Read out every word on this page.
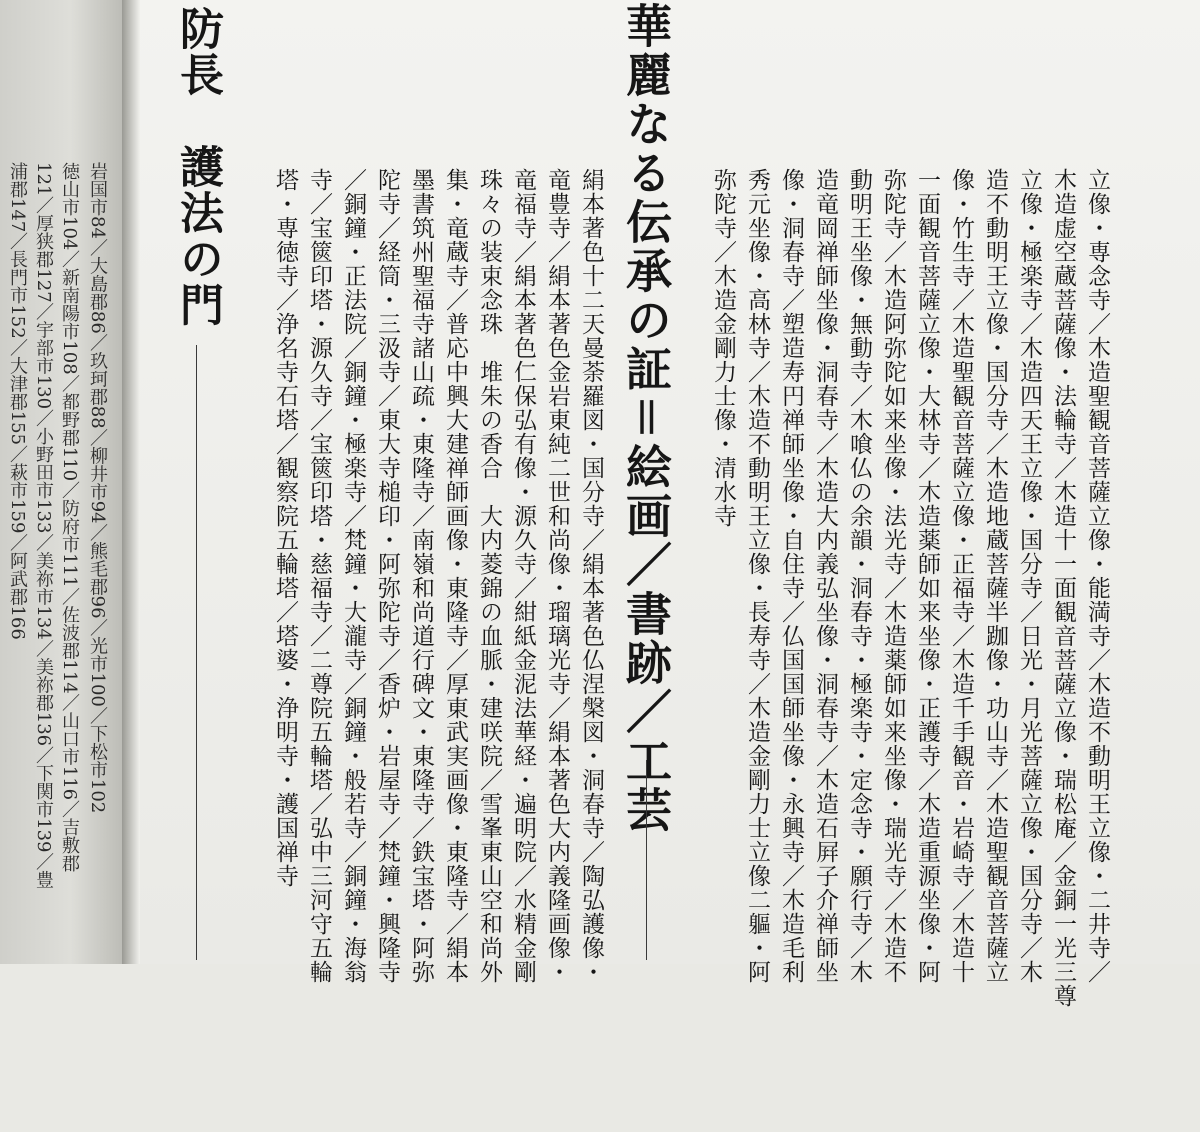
岩国市84／大島郡86／玖珂郡88／柳井市94／熊毛郡96／光市100／下松市102
徳山市104／新南陽市108／都野郡110／防府市111／佐波郡114／山口市116／吉敷郡
121／厚狭郡127／宇部市130／小野田市133／美祢市134／美祢郡136／下関市139／豊
浦郡147／長門市152／大津郡155／萩市159／阿武郡166	防長　護法の門
立像・専念寺／木造聖観音菩薩立像・能満寺／木造不動明王立像・二井寺／
木造虚空蔵菩薩像・法輪寺／木造十一面観音菩薩立像・瑞松庵／金銅一光三尊
立像・極楽寺／木造四天王立像・国分寺／日光・月光菩薩立像・国分寺／木
造不動明王立像・国分寺／木造地蔵菩薩半跏像・功山寺／木造聖観音菩薩立
像・竹生寺／木造聖観音菩薩立像・正福寺／木造千手観音・岩崎寺／木造十
一面観音菩薩立像・大林寺／木造薬師如来坐像・正護寺／木造重源坐像・阿
弥陀寺／木造阿弥陀如来坐像・法光寺／木造薬師如来坐像・瑞光寺／木造不
動明王坐像・無動寺／木喰仏の余韻・洞春寺・極楽寺・定念寺・願行寺／木
造竜岡禅師坐像・洞春寺／木造大内義弘坐像・洞春寺／木造石屛子介禅師坐
像・洞春寺／塑造寿円禅師坐像・自住寺／仏国国師坐像・永興寺／木造毛利
秀元坐像・高林寺／木造不動明王立像・長寿寺／木造金剛力士立像二軀・阿
弥陀寺／木造金剛力士像・清水寺
華麗なる伝承の証＝絵画／書跡／工芸
絹本著色十二天曼荼羅図・国分寺／絹本著色仏涅槃図・洞春寺／陶弘護像・
竜豊寺／絹本著色金岩東純二世和尚像・瑠璃光寺／絹本著色大内義隆画像・
竜福寺／絹本著色仁保弘有像・源久寺／紺紙金泥法華経・遍明院／水精金剛
珠々の装束念珠　堆朱の香合　大内菱錦の血脈・建咲院／雪峯東山空和尚外
集・竜蔵寺／普応中興大建禅師画像・東隆寺／厚東武実画像・東隆寺／絹本
墨書筑州聖福寺諸山疏・東隆寺／南嶺和尚道行碑文・東隆寺／鉄宝塔・阿弥
陀寺／経筒・三汲寺／東大寺槌印・阿弥陀寺／香炉・岩屋寺／梵鐘・興隆寺
／銅鐘・正法院／銅鐘・極楽寺／梵鐘・大瀧寺／銅鐘・般若寺／銅鐘・海翁
寺／宝篋印塔・源久寺／宝篋印塔・慈福寺／二尊院五輪塔／弘中三河守五輪
塔・専徳寺／浄名寺石塔／観察院五輪塔／塔婆・浄明寺・護国禅寺
